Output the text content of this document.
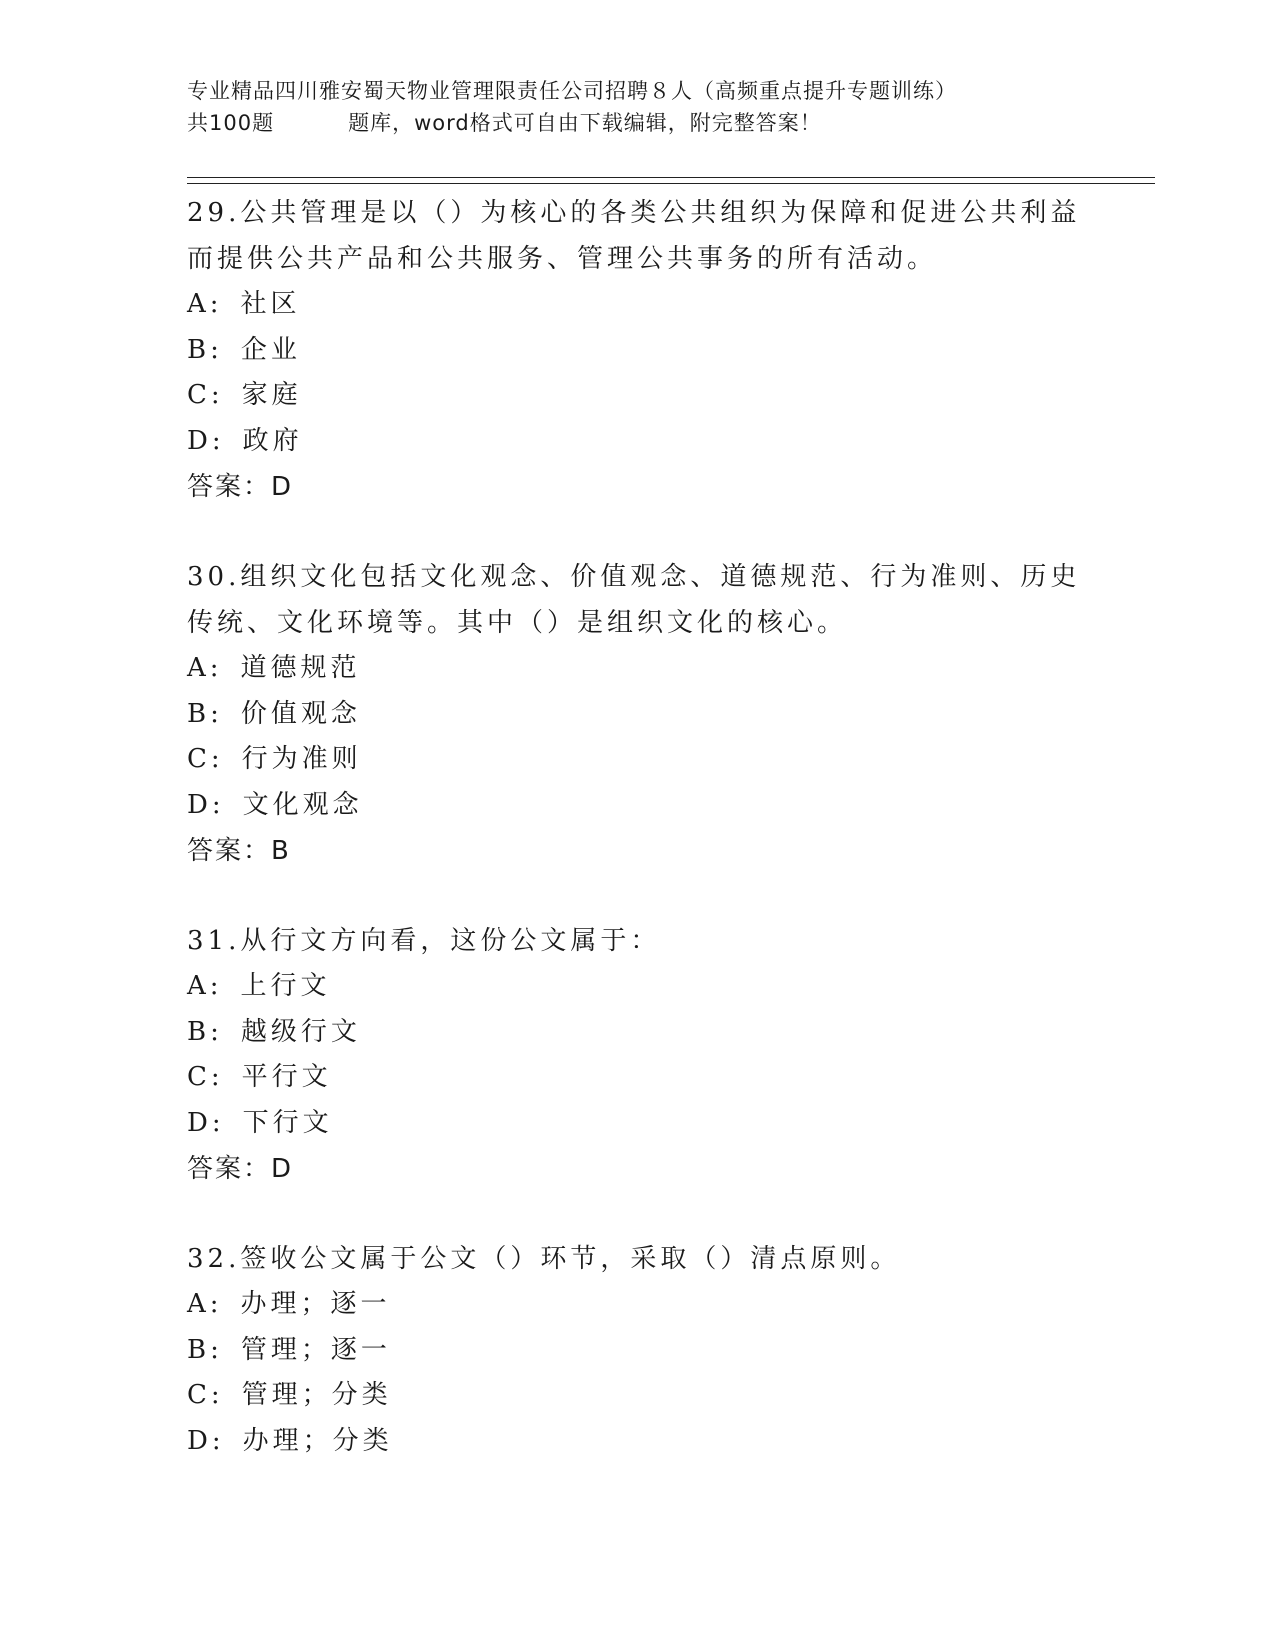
专业精品四川雅安蜀天物业管理限责任公司招聘８人（高频重点提升专题训练）
共100题	题库，word格式可自由下载编辑，附完整答案！
29.公共管理是以（）为核心的各类公共组织为保障和促进公共利益而提供公共产品和公共服务、管理公共事务的所有活动。
A: 社区
B: 企业
C: 家庭
D: 政府
答案：D
30.组织文化包括文化观念、价值观念、道德规范、行为准则、历史传统、文化环境等。其中（）是组织文化的核心。
A: 道德规范
B: 价值观念
C: 行为准则
D: 文化观念
答案：B
31.从行文方向看，这份公文属于：
A: 上行文
B: 越级行文
C: 平行文
D: 下行文
答案：D
32.签收公文属于公文（）环节，采取（）清点原则。
A: 办理；逐一
B: 管理；逐一
C: 管理；分类
D: 办理；分类
